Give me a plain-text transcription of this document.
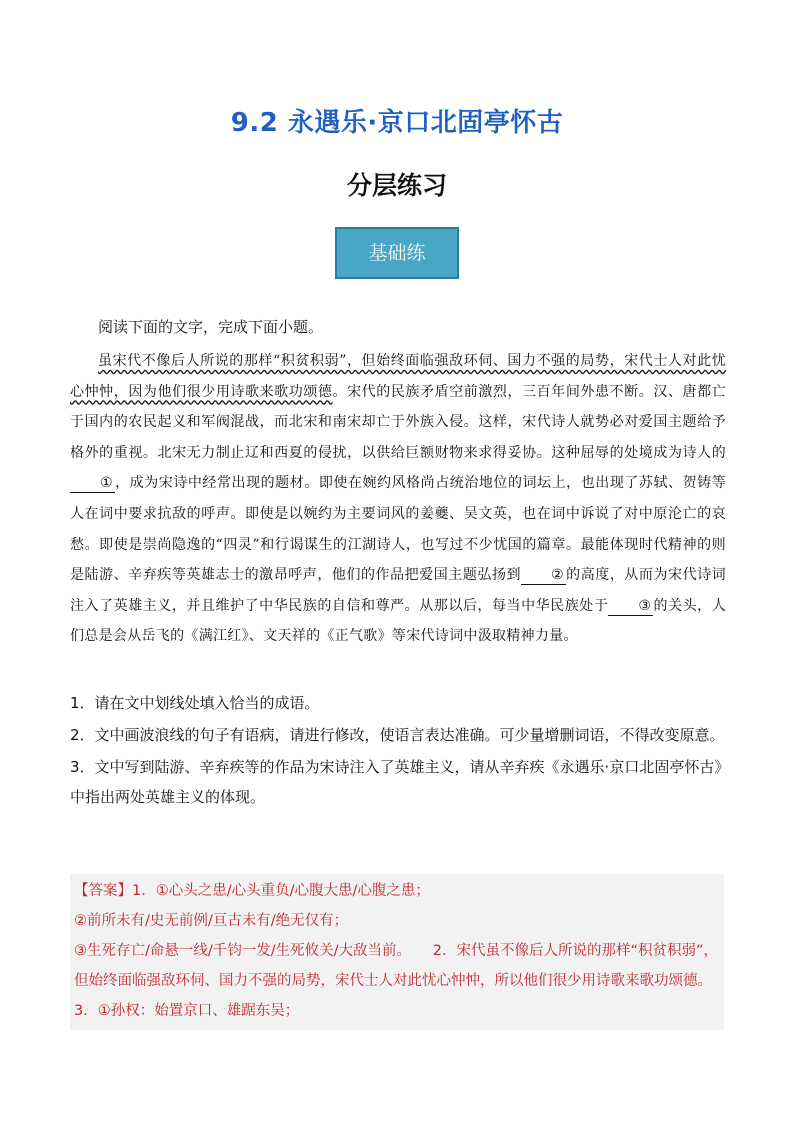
9.2 永遇乐·京口北固亭怀古
分层练习
基础练
阅读下面的文字，完成下面小题。
虽宋代不像后人所说的那样“积贫积弱”，但始终面临强敌环伺、国力不强的局势，宋代士人对此忧心忡忡，因为他们很少用诗歌来歌功颂德。宋代的民族矛盾空前激烈，三百年间外患不断。汉、唐都亡于国内的农民起义和军阀混战，而北宋和南宋却亡于外族入侵。这样，宋代诗人就势必对爱国主题给予格外的重视。北宋无力制止辽和西夏的侵扰，以供给巨额财物来求得妥协。这种屈辱的处境成为诗人的① ，成为宋诗中经常出现的题材。即使在婉约风格尚占统治地位的词坛上，也出现了苏轼、贺铸等人在词中要求抗敌的呼声。即使是以婉约为主要词风的姜夔、吴文英，也在词中诉说了对中原沦亡的哀愁。即使是崇尚隐逸的“四灵”和行谒谋生的江湖诗人，也写过不少忧国的篇章。最能体现时代精神的则是陆游、辛弃疾等英雄志士的激昂呼声，他们的作品把爱国主题弘扬到 ② 的高度，从而为宋代诗词注入了英雄主义，并且维护了中华民族的自信和尊严。从那以后，每当中华民族处于 ③ 的关头，人们总是会从岳飞的《满江红》、文天祥的《正气歌》等宋代诗词中汲取精神力量。

1．请在文中划线处填入恰当的成语。

2．文中画波浪线的句子有语病，请进行修改，使语言表达准确。可少量增删词语，不得改变原意。

3．文中写到陆游、辛弃疾等的作品为宋诗注入了英雄主义，请从辛弃疾《永遇乐·京口北固亭怀古》中指出两处英雄主义的体现。

【答案】1．①心头之患/心头重负/心腹大患/心腹之患；
②前所未有/史无前例/亘古未有/绝无仅有；
③生死存亡/命悬一线/千钧一发/生死攸关/大敌当前。　　2．宋代虽不像后人所说的那样“积贫积弱”，但始终面临强敌环伺、国力不强的局势，宋代士人对此忧心忡忡，所以他们很少用诗歌来歌功颂德。　　3．①孙权：始置京口、雄踞东吴；
